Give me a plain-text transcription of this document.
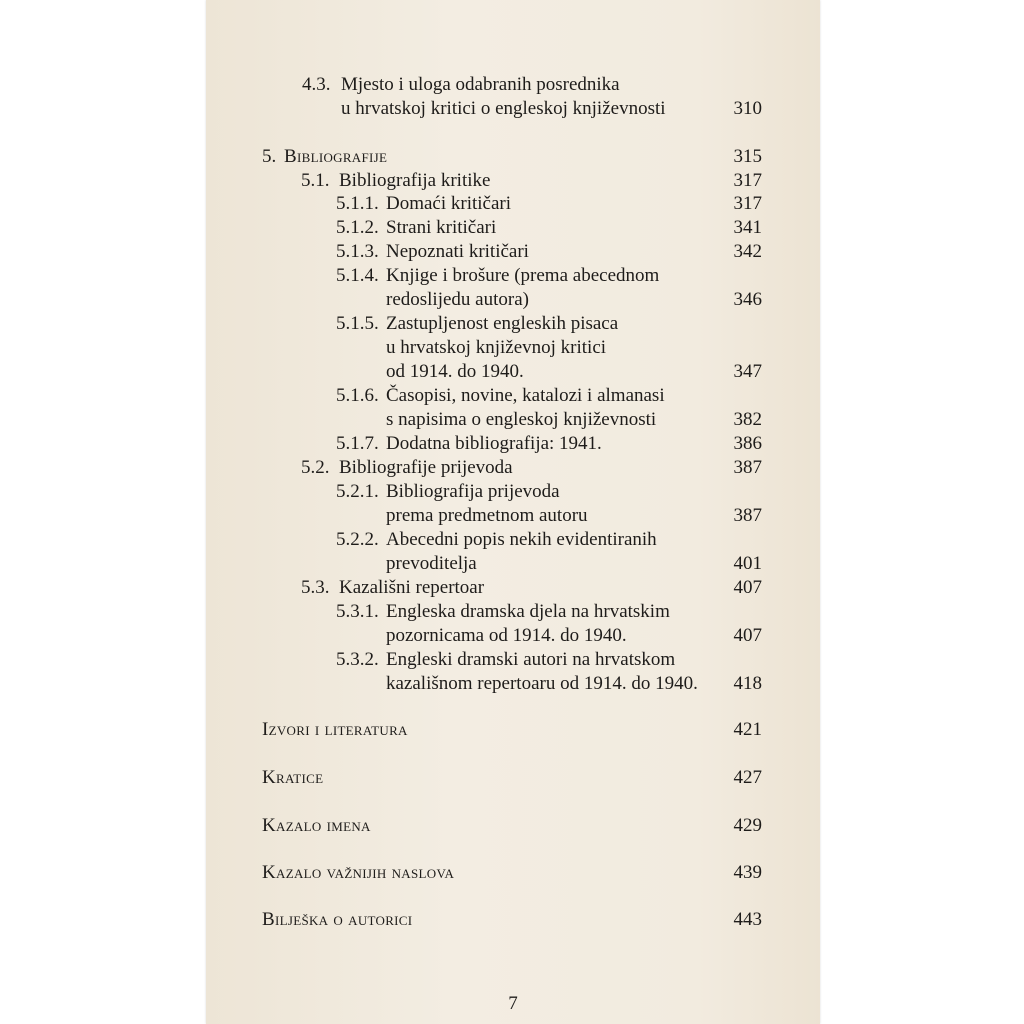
4.3. Mjesto i uloga odabranih posrednika
u hrvatskoj kritici o engleskoj književnosti	310
5. Bibliografije	315
5.1. Bibliografija kritike	317
5.1.1. Domaći kritičari	317
5.1.2. Strani kritičari	341
5.1.3. Nepoznati kritičari	342
5.1.4. Knjige i brošure (prema abecednom
redoslijedu autora)	346
5.1.5. Zastupljenost engleskih pisaca
u hrvatskoj književnoj kritici
od 1914. do 1940.	347
5.1.6. Časopisi, novine, katalozi i almanasi
s napisima o engleskoj književnosti	382
5.1.7. Dodatna bibliografija: 1941.	386
5.2. Bibliografije prijevoda	387
5.2.1. Bibliografija prijevoda
prema predmetnom autoru	387
5.2.2. Abecedni popis nekih evidentiranih
prevoditelja	401
5.3. Kazališni repertoar	407
5.3.1. Engleska dramska djela na hrvatskim
pozornicama od 1914. do 1940.	407
5.3.2. Engleski dramski autori na hrvatskom
kazališnom repertoaru od 1914. do 1940. 418
Izvori i literatura	421
Kratice	427
Kazalo imena	429
Kazalo važnijih naslova	439
Bilješka o autorici	443
7
